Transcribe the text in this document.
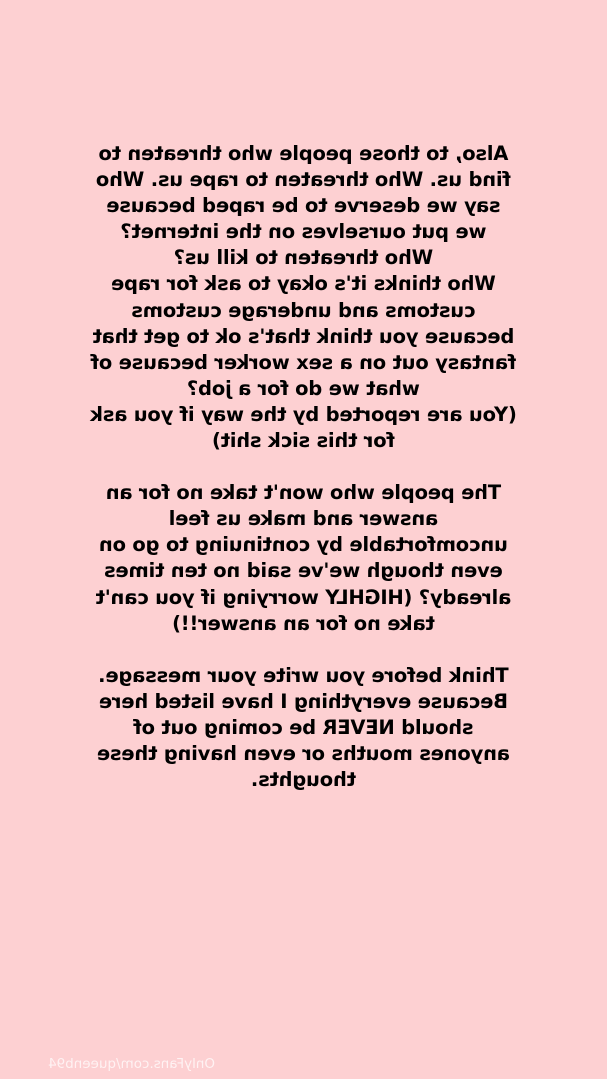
Also, to those people who threaten to
find us. Who threaten to rape us. Who
say we deserve to be raped because
we put ourselves on the internet?
Who threaten to kill us?
Who thinks it's okay to ask for rape
customs and underage customs
because you think that's ok to get that
fantasy out on a sex worker because of
what we do for a job?
(You are reported by the way if you ask
for this sick shit)
The people who won't take no for an
answer and make us feel
uncomfortable by continuing to go on
even though we've said no ten times
already? (HIGHLY worrying if you can't
take no for an answer!!)
Think before you write your message.
Because everything I have listed here
should NEVER be coming out of
anyones mouths or even having these
thoughts.
OnlyFans.com/queenb94
